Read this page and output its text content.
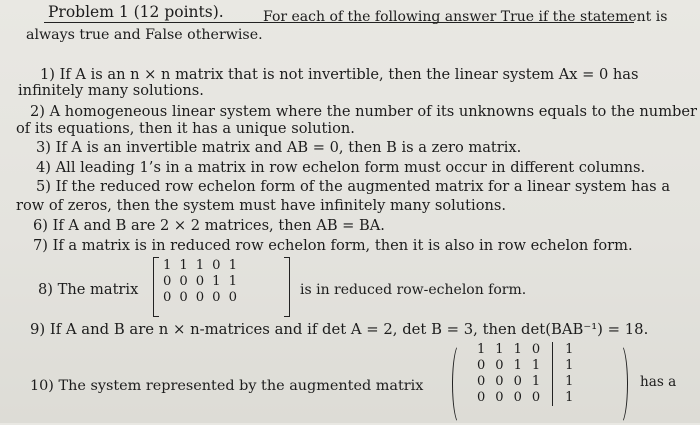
Problem 1 (12 points).	For each of the following answer True if the statement is
always true and False otherwise.
1) If A is an n × n matrix that is not invertible, then the linear system Ax = 0 has
infinitely many solutions.
2) A homogeneous linear system where the number of its unknowns equals to the number
of its equations, then it has a unique solution.
3) If A is an invertible matrix and AB = 0, then B is a zero matrix.
4) All leading 1’s in a matrix in row echelon form must occur in different columns.
5) If the reduced row echelon form of the augmented matrix for a linear system has a
row of zeros, then the system must have infinitely many solutions.
6) If A and B are 2 × 2 matrices, then AB = BA.
7) If a matrix is in reduced row echelon form, then it is also in row echelon form.
8) The matrix
1	1	1	0	1
0	0	0	1	1
0	0	0	0	0	is in reduced row-echelon form.
9) If A and B are n × n-matrices and if det A = 2, det B = 3, then det(BAB⁻¹) = 18.
10) The system represented by the augmented matrix
1	1	1	0	1
0	0	1	1	1
0	0	0	1	1
0	0	0	0	1
has a
